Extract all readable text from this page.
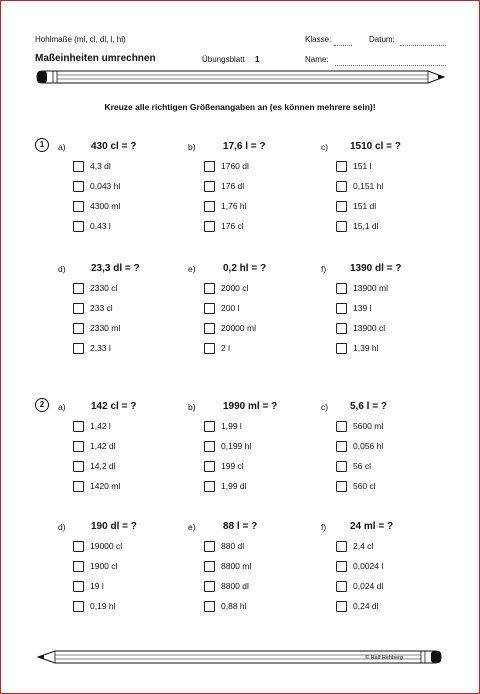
Hohlmaße (ml, cl, dl, l, hl)	Klasse:	Datum:
Maßeinheiten umrechnen	Übungsblatt 1	Name:
Kreuze alle richtigen Größenangaben an (es können mehrere sein)!
1	a)	430 cl = ?
4,3 dl
0,043 hl
4300 ml
0,43 l
b)	17,6 l = ?
1760 dl
176 dl
1,76 hl
176 cl
c) 1510 cl = ?
151 l
0,151 hl
151 dl
15,1 dl
d)	23,3 dl = ?
2330 cl
233 cl
2330 ml
2,33 l
e)	0,2 hl = ?
2000 cl
200 l
20000 ml
2 l
f) 1390 dl = ?
13900 ml
139 l
13900 cl
1,39 hl
2	a)	142 cl = ?
1,42 l
1,42 dl
14,2 dl
1420 ml
b)	1990 ml = ?
1,99 l
0,199 hl
199 cl
1,99 dl
c) 5,6 l = ?
5600 ml
0,056 hl
56 cl
560 cl
d)	190 dl = ?
19000 cl
1900 cl
19 l
0,19 hl
e)	88 l = ?
880 dl
8800 ml
8800 dl
0,88 hl
f) 24 ml = ?
2,4 cl
0,0024 l
0,024 dl
0,24 dl
© Ralf Rehberg
